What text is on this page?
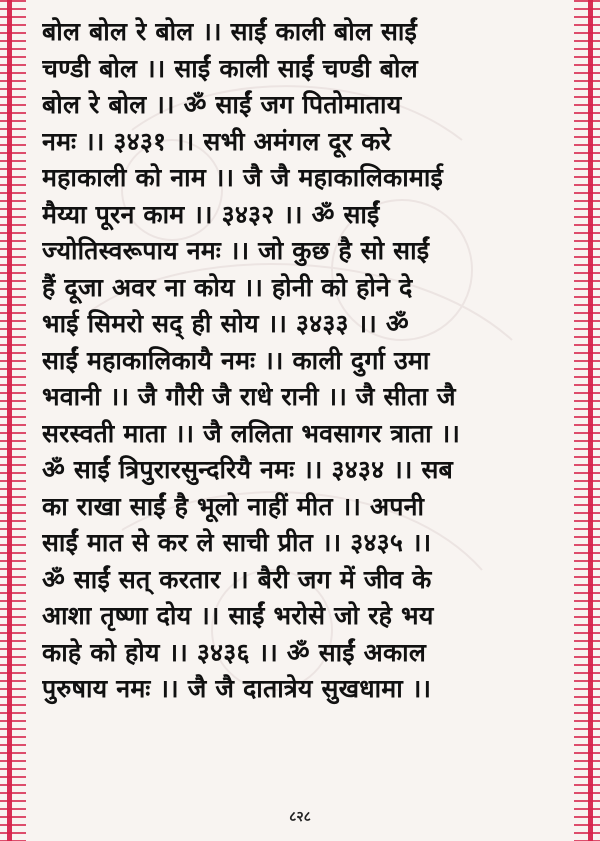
बोल बोल रे बोल ।। साईं काली बोल साईं
चण्डी बोल ।। साईं काली साईं चण्डी बोल
बोल रे बोल ।। ॐ साईं जग पितोमाताय
नमः ।। ३४३१ ।। सभी अमंगल दूर करे
महाकाली को नाम ।। जै जै महाकालिकामाई
मैय्या पूरन काम ।। ३४३२ ।। ॐ साईं
ज्योतिस्वरूपाय नमः ।। जो कुछ है सो साईं
हैं दूजा अवर ना कोय ।। होनी को होने दे
भाई सिमरो सद् ही सोय ।। ३४३३ ।। ॐ
साईं महाकालिकायै नमः ।। काली दुर्गा उमा
भवानी ।। जै गौरी जै राधे रानी ।। जै सीता जै
सरस्वती माता ।। जै ललिता भवसागर त्राता ।।
ॐ साईं त्रिपुरारसुन्दरियै नमः ।। ३४३४ ।। सब
का राखा साईं है भूलो नाहीं मीत ।। अपनी
साईं मात से कर ले साची प्रीत ।। ३४३५ ।।
ॐ साईं सत् करतार ।। बैरी जग में जीव के
आशा तृष्णा दोय ।। साईं भरोसे जो रहे भय
काहे को होय ।। ३४३६ ।। ॐ साईं अकाल
पुरुषाय नमः ।। जै जै दातात्रेय सुखधामा ।।
८२८
